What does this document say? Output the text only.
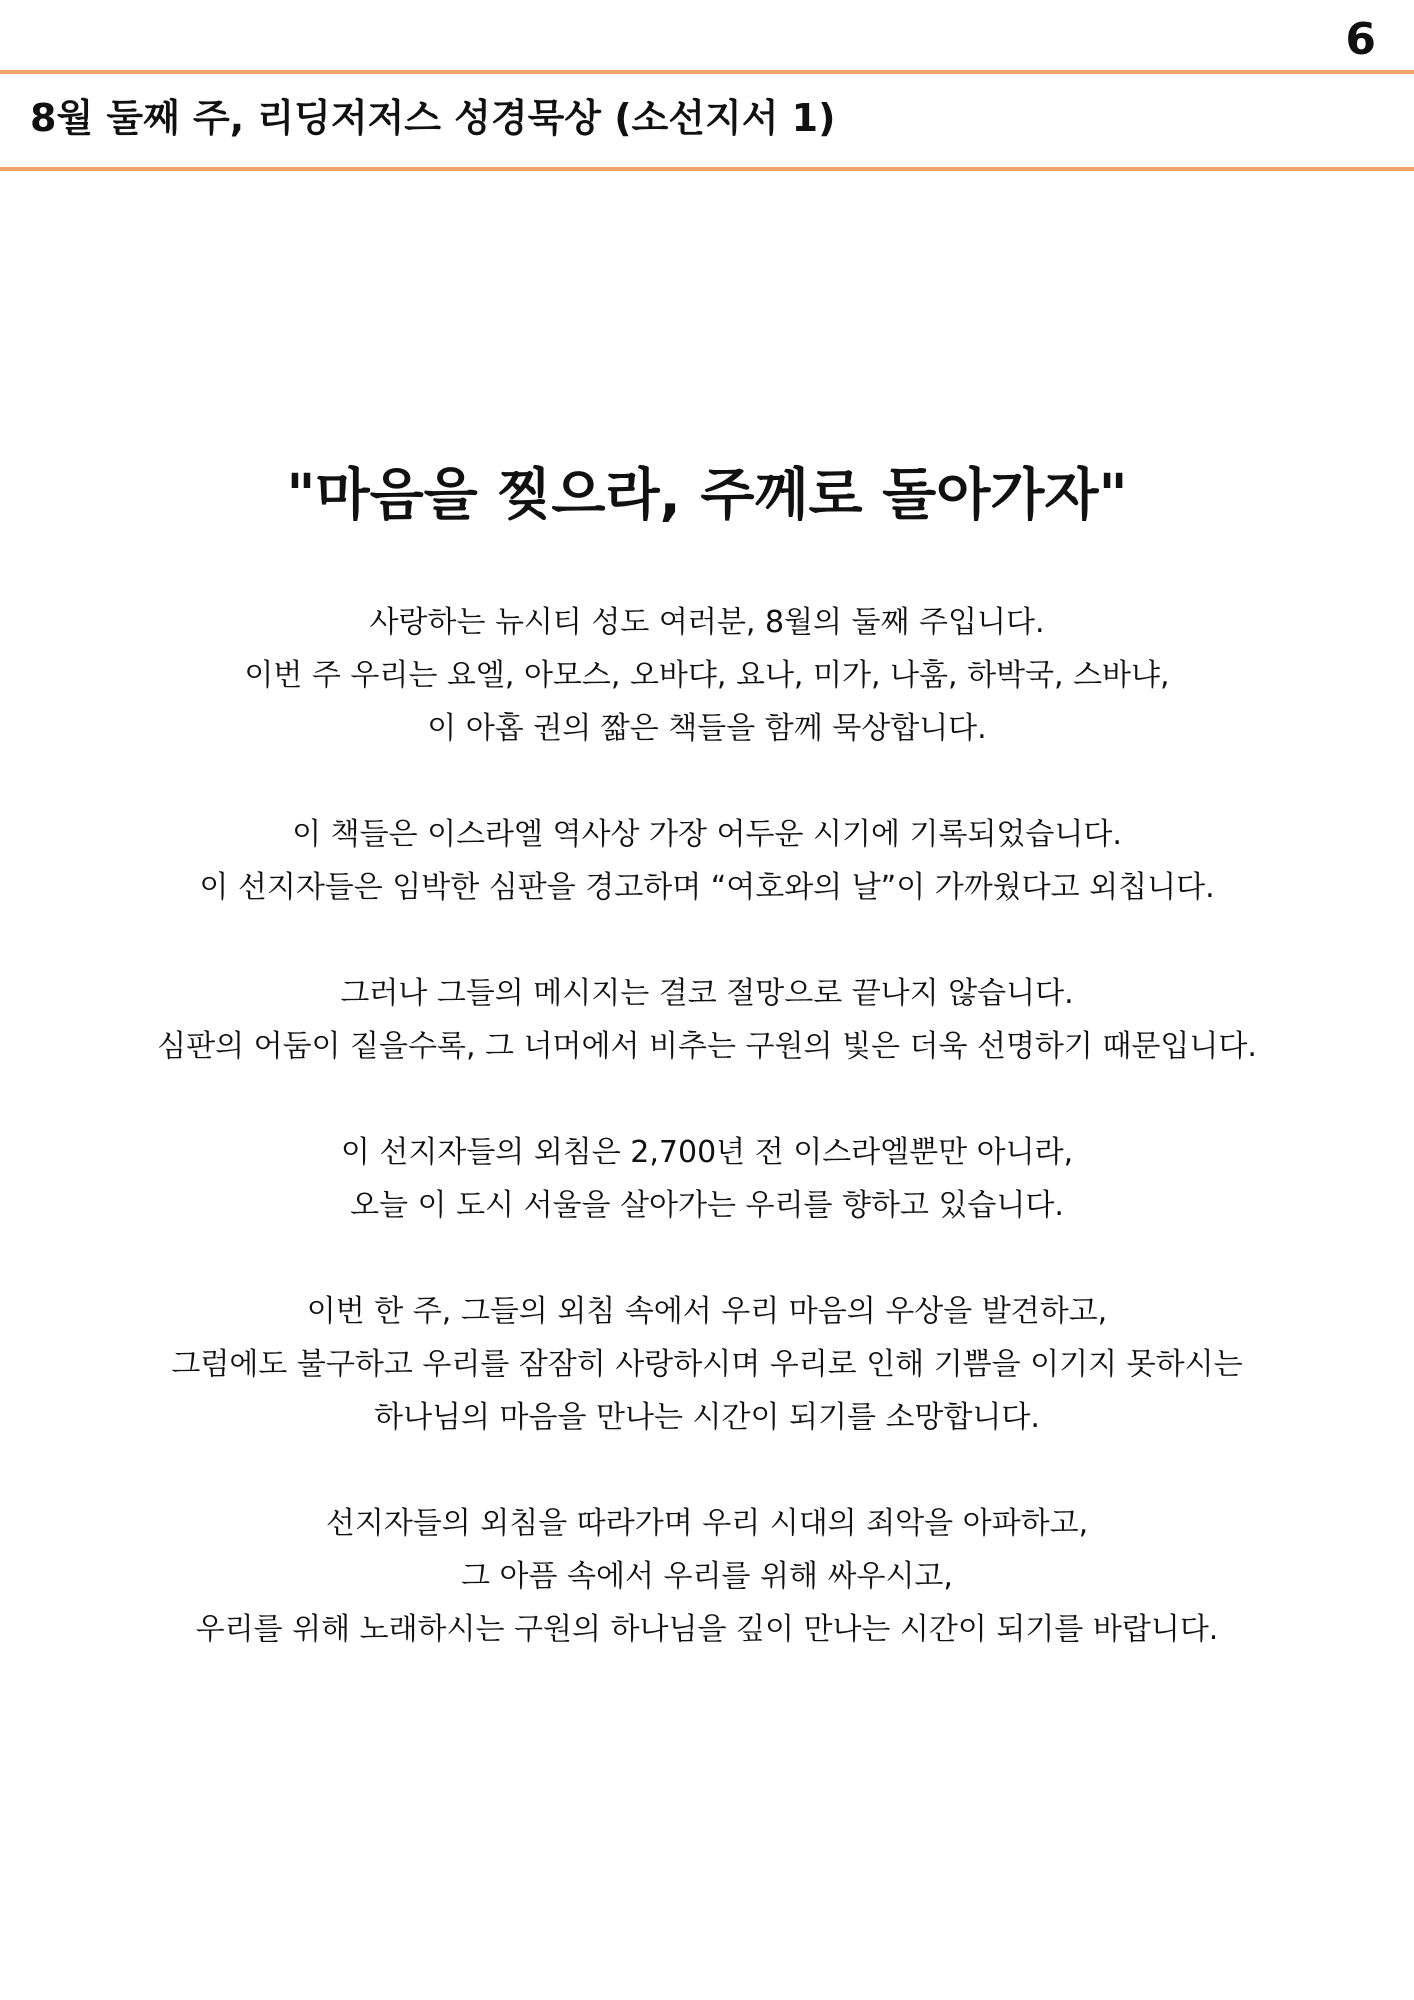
6
8월 둘째 주, 리딩저저스 성경묵상 (소선지서 1)
"마음을 찢으라, 주께로 돌아가자"

사랑하는 뉴시티 성도 여러분, 8월의 둘째 주입니다.
이번 주 우리는 요엘, 아모스, 오바댜, 요나, 미가, 나훔, 하박국, 스바냐,
이 아홉 권의 짧은 책들을 함께 묵상합니다.

이 책들은 이스라엘 역사상 가장 어두운 시기에 기록되었습니다.
이 선지자들은 임박한 심판을 경고하며 “여호와의 날”이 가까웠다고 외칩니다.

그러나 그들의 메시지는 결코 절망으로 끝나지 않습니다.
심판의 어둠이 짙을수록, 그 너머에서 비추는 구원의 빛은 더욱 선명하기 때문입니다.

이 선지자들의 외침은 2,700년 전 이스라엘뿐만 아니라,
오늘 이 도시 서울을 살아가는 우리를 향하고 있습니다.

이번 한 주, 그들의 외침 속에서 우리 마음의 우상을 발견하고,
그럼에도 불구하고 우리를 잠잠히 사랑하시며 우리로 인해 기쁨을 이기지 못하시는
하나님의 마음을 만나는 시간이 되기를 소망합니다.

선지자들의 외침을 따라가며 우리 시대의 죄악을 아파하고,
그 아픔 속에서 우리를 위해 싸우시고,
우리를 위해 노래하시는 구원의 하나님을 깊이 만나는 시간이 되기를 바랍니다.
